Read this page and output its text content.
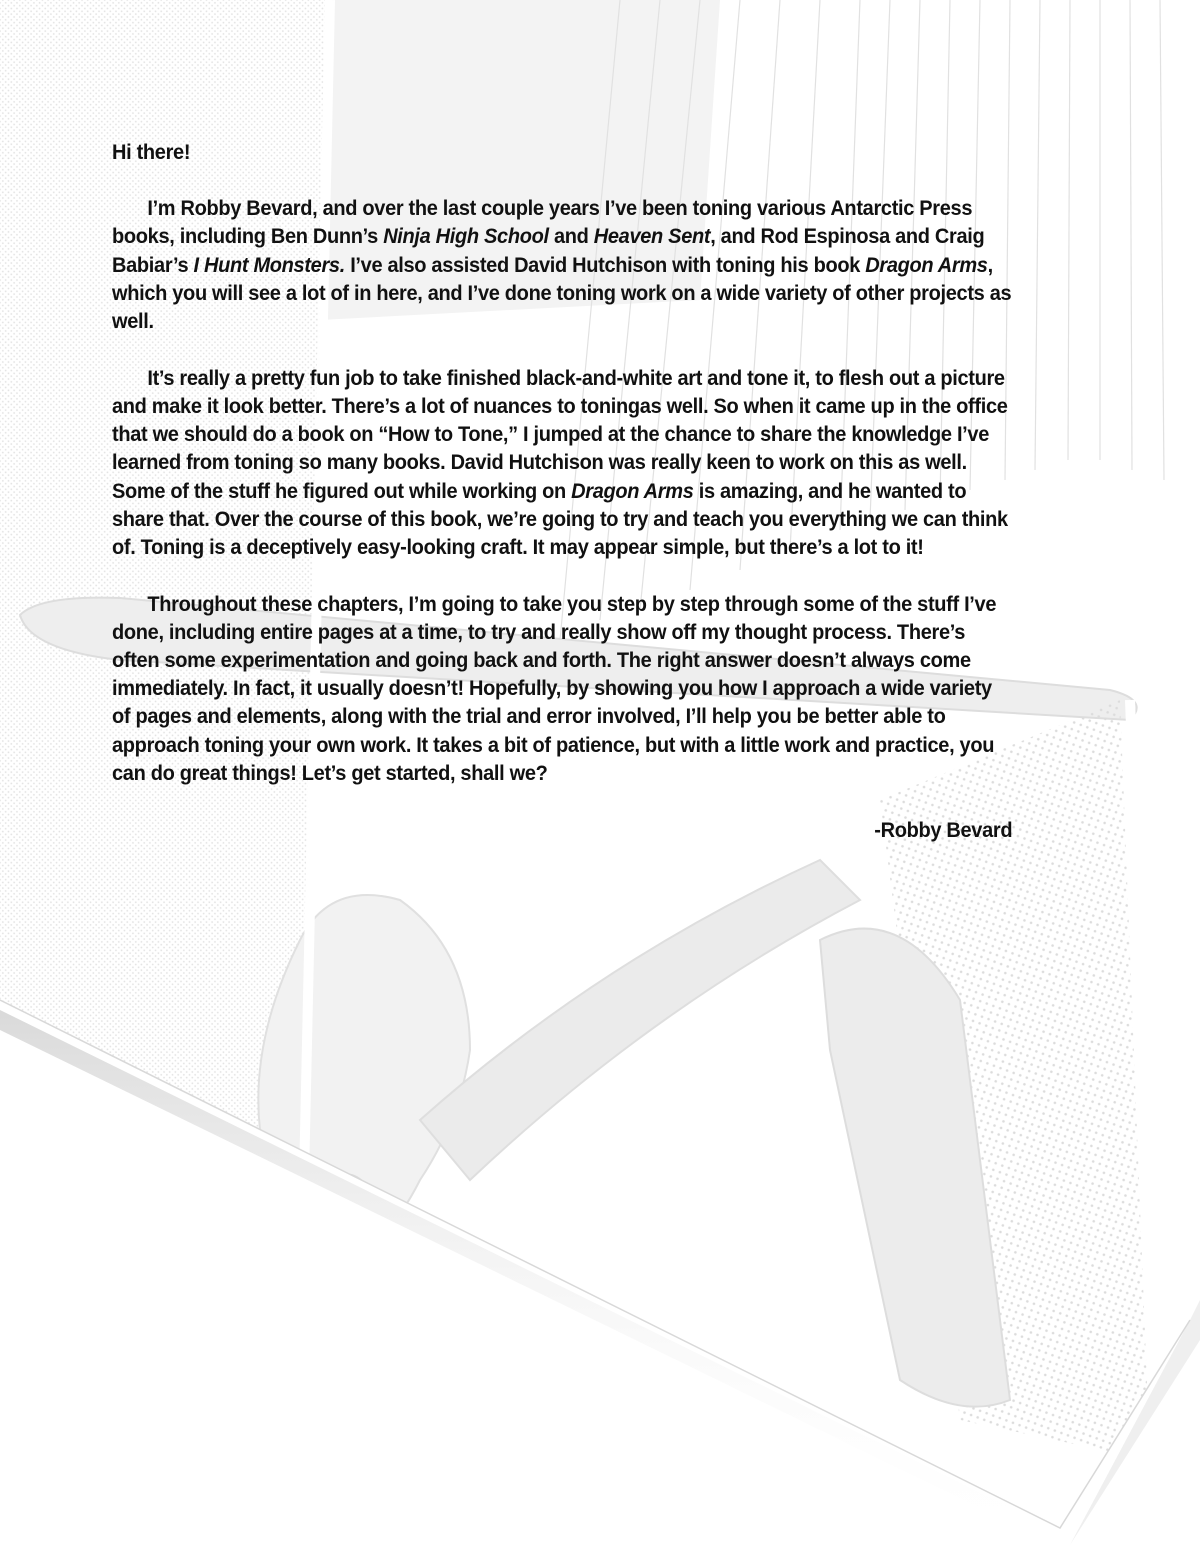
Hi there!

I’m Robby Bevard, and over the last couple years I’ve been toning various Antarctic Press books, including Ben Dunn’s Ninja High School and Heaven Sent, and Rod Espinosa and Craig Babiar’s I Hunt Monsters. I’ve also assisted David Hutchison with toning his book Dragon Arms, which you will see a lot of in here, and I’ve done toning work on a wide variety of other projects as well.

It’s really a pretty fun job to take finished black-and-white art and tone it, to flesh out a picture and make it look better. There’s a lot of nuances to toningas well. So when it came up in the office that we should do a book on “How to Tone,” I jumped at the chance to share the knowledge I’ve learned from toning so many books. David Hutchison was really keen to work on this as well. Some of the stuff he figured out while working on Dragon Arms is amazing, and he wanted to share that. Over the course of this book, we’re going to try and teach you everything we can think of. Toning is a deceptively easy-looking craft. It may appear simple, but there’s a lot to it!

Throughout these chapters, I’m going to take you step by step through some of the stuff I’ve done, including entire pages at a time, to try and really show off my thought process. There’s often some experimentation and going back and forth. The right answer doesn’t always come immediately. In fact, it usually doesn’t! Hopefully, by showing you how I approach a wide variety of pages and elements, along with the trial and error involved, I’ll help you be better able to approach toning your own work. It takes a bit of patience, but with a little work and practice, you can do great things! Let’s get started, shall we?

-Robby Bevard
